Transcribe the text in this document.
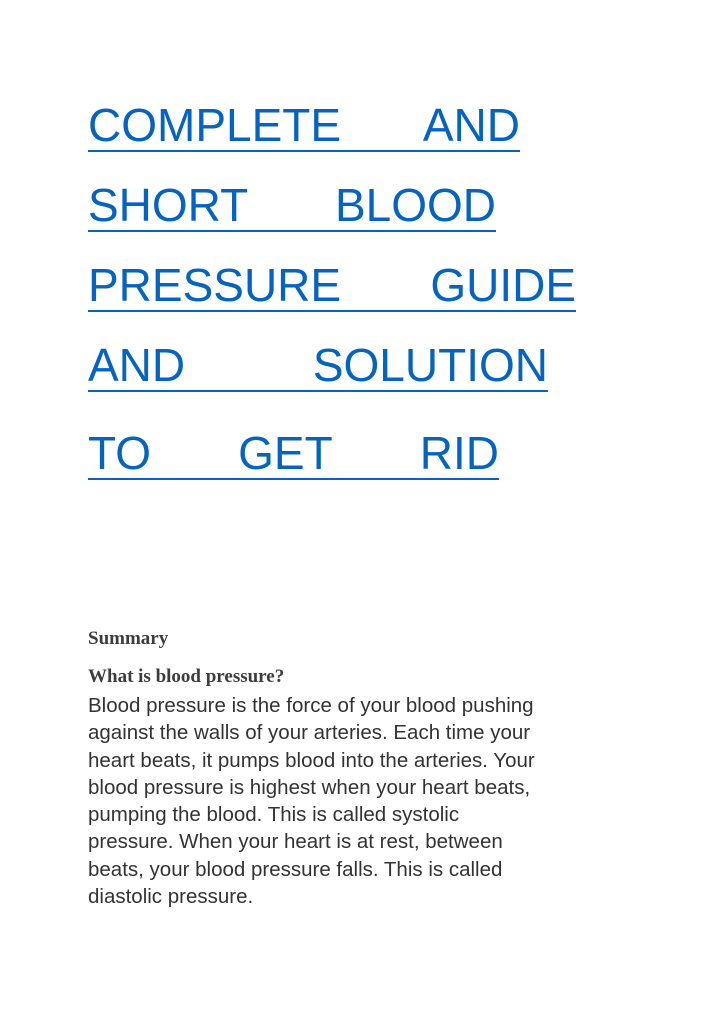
COMPLETE AND
SHORT BLOOD
PRESSURE GUIDE
AND	SOLUTION
TO GET RID
Summary
What is blood pressure?

Blood pressure is the force of your blood pushing
against the walls of your arteries. Each time your
heart beats, it pumps blood into the arteries. Your
blood pressure is highest when your heart beats,
pumping the blood. This is called systolic
pressure. When your heart is at rest, between
beats, your blood pressure falls. This is called
diastolic pressure.
